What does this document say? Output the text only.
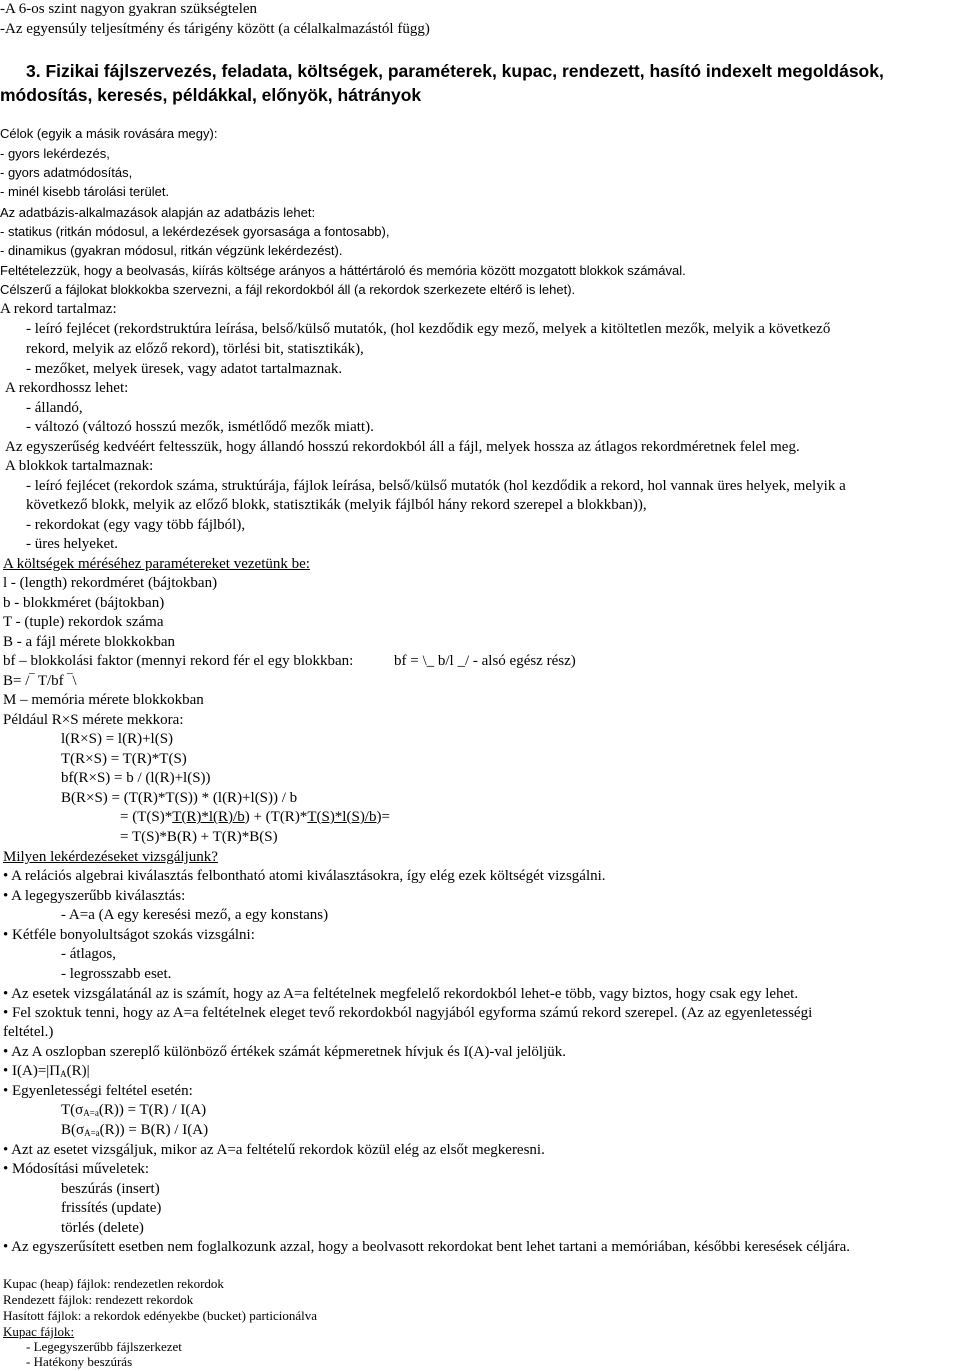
-A 6-os szint nagyon gyakran szükségtelen
-Az egyensúly teljesítmény és tárigény között (a célalkalmazástól függ)
3. Fizikai fájlszervezés, feladata, költségek, paraméterek, kupac, rendezett, hasító indexelt megoldások,
módosítás, keresés, példákkal, előnyök, hátrányok
Célok (egyik a másik rovására megy):
- gyors lekérdezés,
- gyors adatmódosítás,
- minél kisebb tárolási terület.
Az adatbázis-alkalmazások alapján az adatbázis lehet:
- statikus (ritkán módosul, a lekérdezések gyorsasága a fontosabb),
- dinamikus (gyakran módosul, ritkán végzünk lekérdezést).
Feltételezzük, hogy a beolvasás, kiírás költsége arányos a háttértároló és memória között mozgatott blokkok számával.
Célszerű a fájlokat blokkokba szervezni, a fájl rekordokból áll (a rekordok szerkezete eltérő is lehet).
A rekord tartalmaz:
- leíró fejlécet (rekordstruktúra leírása, belső/külső mutatók, (hol kezdődik egy mező, melyek a kitöltetlen mezők, melyik a következő
rekord, melyik az előző rekord), törlési bit, statisztikák),
- mezőket, melyek üresek, vagy adatot tartalmaznak.
A rekordhossz lehet:
- állandó,
- változó (változó hosszú mezők, ismétlődő mezők miatt).
Az egyszerűség kedvéért feltesszük, hogy állandó hosszú rekordokból áll a fájl, melyek hossza az átlagos rekordméretnek felel meg.
A blokkok tartalmaznak:
- leíró fejlécet (rekordok száma, struktúrája, fájlok leírása, belső/külső mutatók (hol kezdődik a rekord, hol vannak üres helyek, melyik a
következő blokk, melyik az előző blokk, statisztikák (melyik fájlból hány rekord szerepel a blokkban)),
- rekordokat (egy vagy több fájlból),
- üres helyeket.
A költségek méréséhez paramétereket vezetünk be:
l - (length) rekordméret (bájtokban)
b - blokkméret (bájtokban)
T - (tuple) rekordok száma
B - a fájl mérete blokkokban
bf – blokkolási faktor (mennyi rekord fér el egy blokkban:	bf = \_ b/l _/ - alsó egész rész)
B= /‾ T/bf ‾\
M – memória mérete blokkokban
Például R×S mérete mekkora:
l(R×S) = l(R)+l(S)
T(R×S) = T(R)*T(S)
bf(R×S) = b / (l(R)+l(S))
B(R×S) = (T(R)*T(S)) * (l(R)+l(S)) / b
= (T(S)*T(R)*l(R)/b) + (T(R)*T(S)*l(S)/b)=
= T(S)*B(R) + T(R)*B(S)
Milyen lekérdezéseket vizsgáljunk?
• A relációs algebrai kiválasztás felbontható atomi kiválasztásokra, így elég ezek költségét vizsgálni.
• A legegyszerűbb kiválasztás:
- A=a (A egy keresési mező, a egy konstans)
• Kétféle bonyolultságot szokás vizsgálni:
- átlagos,
- legrosszabb eset.
• Az esetek vizsgálatánál az is számít, hogy az A=a feltételnek megfelelő rekordokból lehet-e több, vagy biztos, hogy csak egy lehet.
• Fel szoktuk tenni, hogy az A=a feltételnek eleget tevő rekordokból nagyjából egyforma számú rekord szerepel. (Az az egyenletességi
feltétel.)
• Az A oszlopban szereplő különböző értékek számát képmeretnek hívjuk és I(A)-val jelöljük.
• $I(A)=|\Pi_A(R)|$
• Egyenletességi feltétel esetén:
$T(\sigma_{A=a}(R)) = T(R) / I(A)$
$B(\sigma_{A=a}(R)) = B(R) / I(A)$
• Azt az esetet vizsgáljuk, mikor az A=a feltételű rekordok közül elég az elsőt megkeresni.
• Módosítási műveletek:
beszúrás (insert)
frissítés (update)
törlés (delete)
• Az egyszerűsített esetben nem foglalkozunk azzal, hogy a beolvasott rekordokat bent lehet tartani a memóriában, későbbi keresések céljára.
Kupac (heap) fájlok: rendezetlen rekordok
Rendezett fájlok: rendezett rekordok
Hasított fájlok: a rekordok edényekbe (bucket) particionálva
Kupac fájlok:
- Legegyszerűbb fájlszerkezet
- Hatékony beszúrás
